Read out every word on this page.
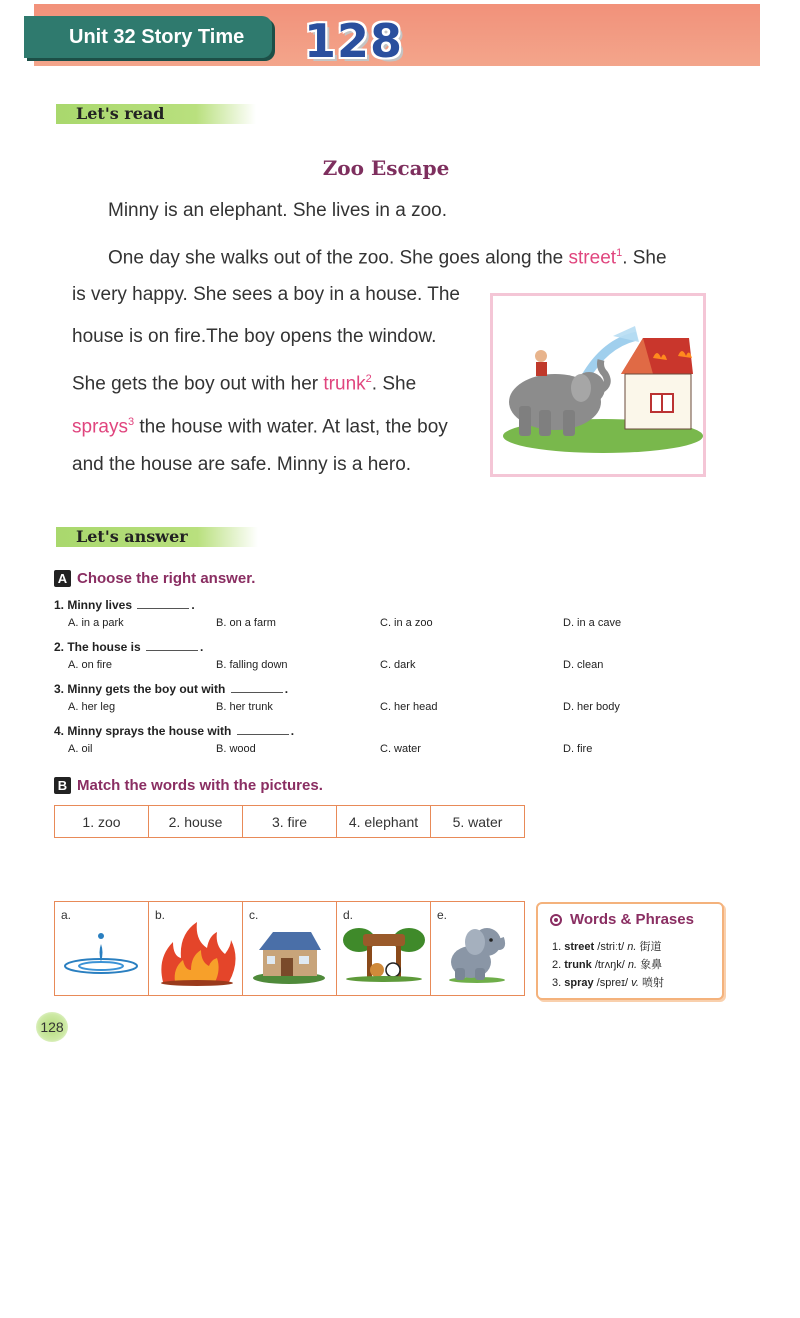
Unit 32 Story Time 128
Let's read
Zoo Escape
Minny is an elephant. She lives in a zoo.
One day she walks out of the zoo. She goes along the street$^1$. She
is very happy. She sees a boy in a house. The
house is on fire.The boy opens the window.
She gets the boy out with her trunk$^2$. She
sprays$^3$ the house with water. At last, the boy
and the house are safe. Minny is a hero.
Let's answer
A Choose the right answer.
1. Minny lives	.
A. in a park	B. on a farm	C. in a zoo	D. in a cave
2. The house is	.
A. on fire	B. falling down	C. dark	D. clean
3. Minny gets the boy out with	.
A. her leg	B. her trunk	C. her head	D. her body
4. Minny sprays the house with	.
A. oil	B. wood	C. water	D. fire
B Match the words with the pictures.
1. zoo	2. house	3. fire	4. elephant	5. water
a.	b.	c.	d.	e.	Words & Phrases
1. street /striːt/ n. 街道
2. trunk /trʌŋk/ n. 象鼻
3. spray /spreɪ/ v. 喷射
128
